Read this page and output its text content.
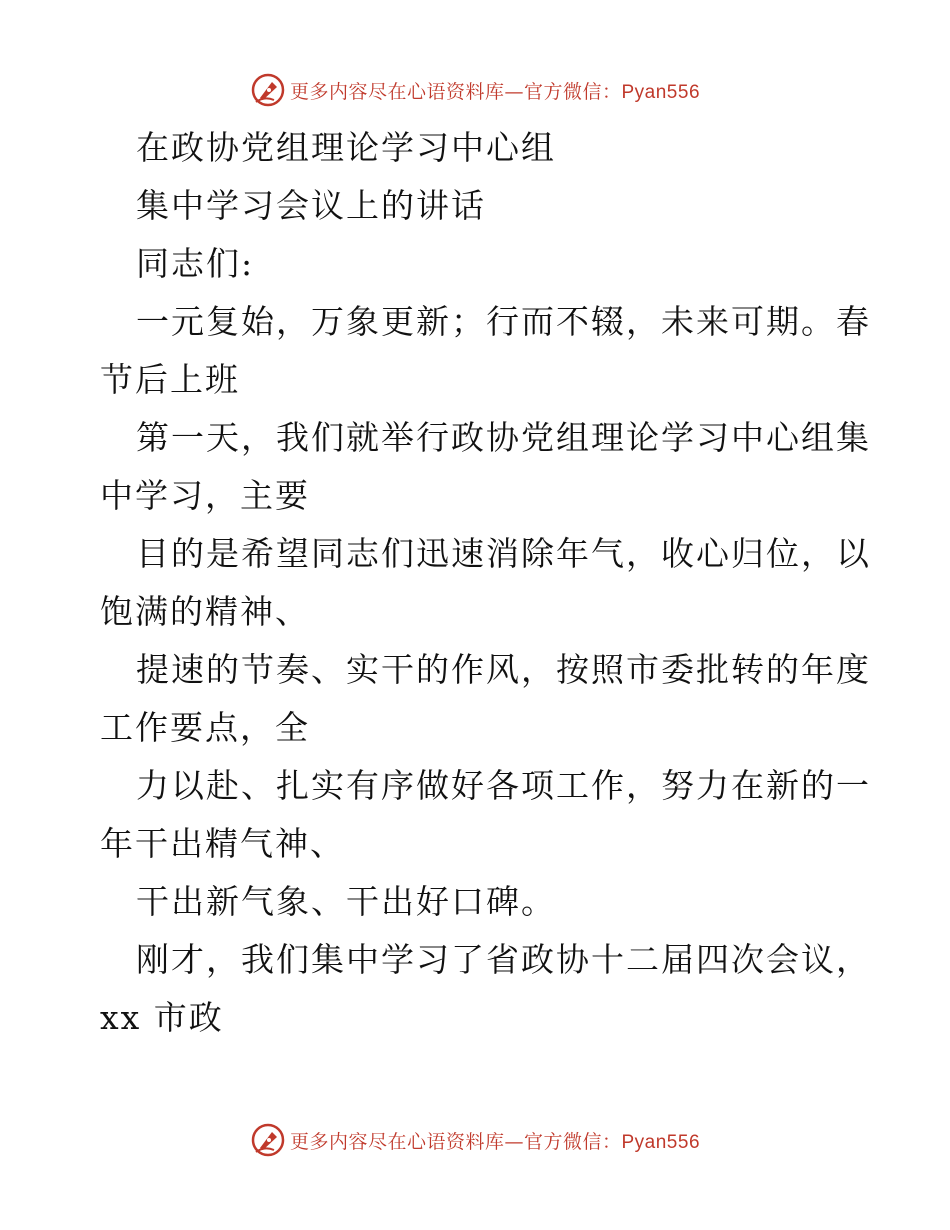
更多内容尽在心语资料库—官方微信：Pyan556
在政协党组理论学习中心组
集中学习会议上的讲话
同志们:
一元复始，万象更新；行而不辍，未来可期。春
节后上班
第一天，我们就举行政协党组理论学习中心组集
中学习，主要
目的是希望同志们迅速消除年气，收心归位，以
饱满的精神、
提速的节奏、实干的作风，按照市委批转的年度
工作要点，全
力以赴、扎实有序做好各项工作，努力在新的一
年干出精气神、
干出新气象、干出好口碑。
刚才，我们集中学习了省政协十二届四次会议，
xx 市政
更多内容尽在心语资料库—官方微信：Pyan556
